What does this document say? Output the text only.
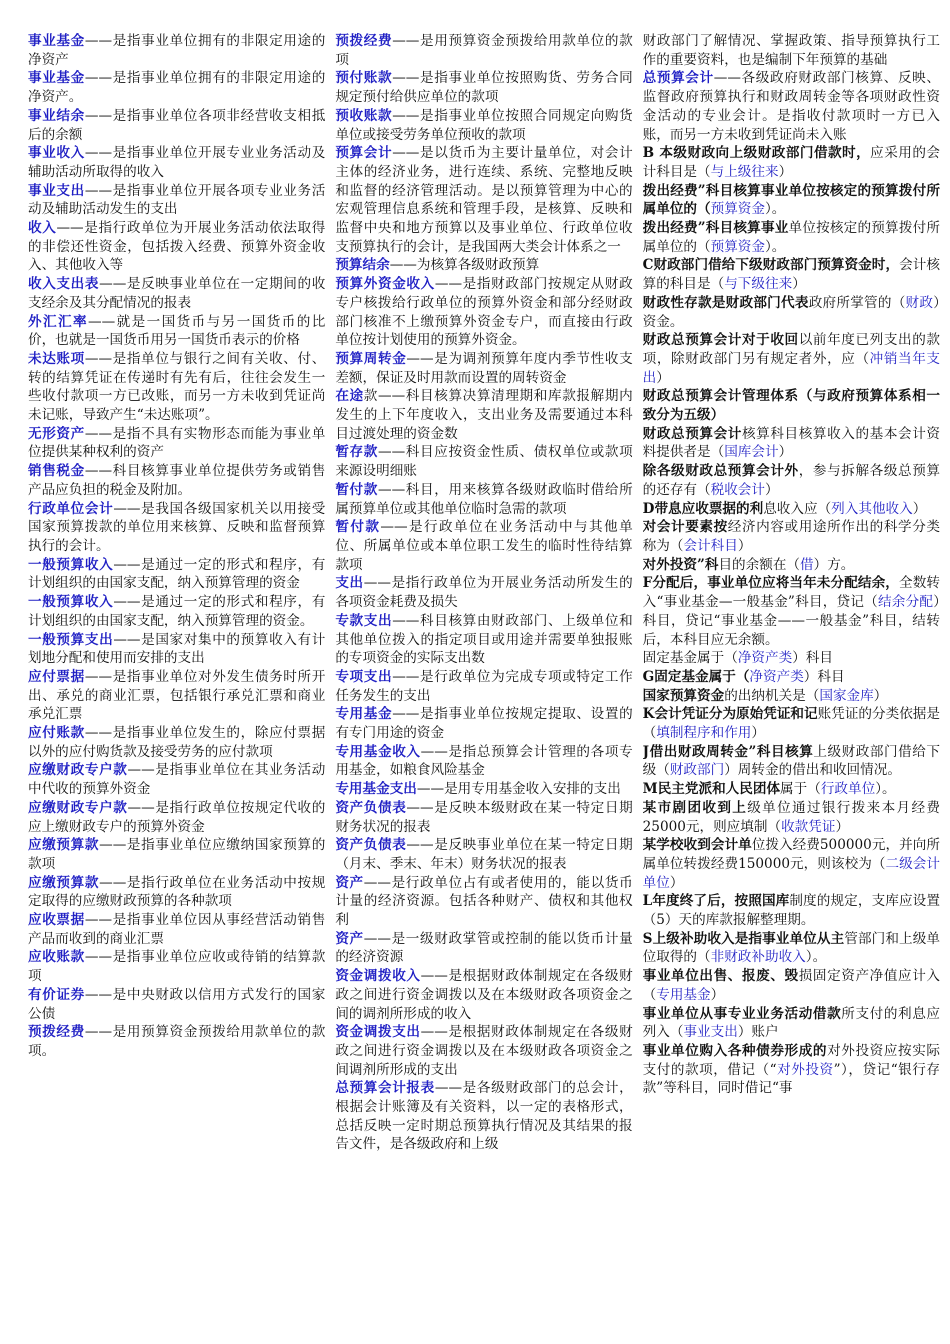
事业基金——是指事业单位拥有的非限定用途的净资产

事业基金——是指事业单位拥有的非限定用途的净资产。

事业结余——是指事业单位各项非经营收支相抵后的余额

事业收入——是指事业单位开展专业业务活动及辅助活动所取得的收入

事业支出——是指事业单位开展各项专业业务活动及辅助活动发生的支出

收入——是指行政单位为开展业务活动依法取得的非偿还性资金，包括拨入经费、预算外资金收入、其他收入等

收入支出表——是反映事业单位在一定期间的收支经余及其分配情况的报表

外汇汇率——就是一国货币与另一国货币的比价，也就是一国货币用另一国货币表示的价格

未达账项——是指单位与银行之间有关收、付、转的结算凭证在传递时有先有后，往往会发生一些收付款项一方已改账，而另一方未收到凭证尚未记账，导致产生“未达账项”。

无形资产——是指不具有实物形态而能为事业单位提供某种权利的资产

销售税金——科目核算事业单位提供劳务或销售产品应负担的税金及附加。

行政单位会计——是我国各级国家机关以用接受国家预算拨款的单位用来核算、反映和监督预算执行的会计。

一般预算收入——是通过一定的形式和程序，有计划组织的由国家支配，纳入预算管理的资金

一般预算收入——是通过一定的形式和程序，有计划组织的由国家支配，纳入预算管理的资金。

一般预算支出——是国家对集中的预算收入有计划地分配和使用而安排的支出

应付票据——是指事业单位对外发生债务时所开出、承兑的商业汇票，包括银行承兑汇票和商业承兑汇票

应付账款——是指事业单位发生的，除应付票据以外的应付购货款及接受劳务的应付款项

应缴财政专户款——是指事业单位在其业务活动中代收的预算外资金

应缴财政专户款——是指行政单位按规定代收的应上缴财政专户的预算外资金

应缴预算款——是指事业单位应缴纳国家预算的款项

应缴预算款——是指行政单位在业务活动中按规定取得的应缴财政预算的各种款项

应收票据——是指事业单位因从事经营活动销售产品而收到的商业汇票

应收账款——是指事业单位应收或待销的结算款项

有价证券——是中央财政以信用方式发行的国家公债

预拨经费——是用预算资金预拨给用款单位的款项。

预拨经费——是用预算资金预拨给用款单位的款项

预付账款——是指事业单位按照购货、劳务合同规定预付给供应单位的款项

预收账款——是指事业单位按照合同规定向购货单位或接受劳务单位预收的款项

预算会计——是以货币为主要计量单位，对会计主体的经济业务，进行连续、系统、完整地反映和监督的经济管理活动。是以预算管理为中心的宏观管理信息系统和管理手段，是核算、反映和监督中央和地方预算以及事业单位、行政单位收支预算执行的会计，是我国两大类会计体系之一

预算结余——为核算各级财政预算

预算外资金收入——是指财政部门按规定从财政专户核拨给行政单位的预算外资金和部分经财政部门核准不上缴预算外资金专户，而直接由行政单位按计划使用的预算外资金。

预算周转金——是为调剂预算年度内季节性收支差额，保证及时用款而设置的周转资金

在途款——科目核算决算清理期和库款报解期内发生的上下年度收入，支出业务及需要通过本科目过渡处理的资金数

暂存款——科目应按资金性质、债权单位或款项来源设明细账

暂付款——科目，用来核算各级财政临时借给所属预算单位或其他单位临时急需的款项

暂付款——是行政单位在业务活动中与其他单位、所属单位或本单位职工发生的临时性待结算款项

支出——是指行政单位为开展业务活动所发生的各项资金耗费及损失

专款支出——科目核算由财政部门、上级单位和其他单位拨入的指定项目或用途并需要单独报账的专项资金的实际支出数

专项支出——是行政单位为完成专项或特定工作任务发生的支出

专用基金——是指事业单位按规定提取、设置的有专门用途的资金

专用基金收入——是指总预算会计管理的各项专用基金，如粮食风险基金

专用基金支出——是用专用基金收入安排的支出

资产负债表——是反映本级财政在某一特定日期财务状况的报表

资产负债表——是反映事业单位在某一特定日期（月末、季末、年末）财务状况的报表

资产——是行政单位占有或者使用的，能以货币计量的经济资源。包括各种财产、债权和其他权利

资产——是一级财政掌管或控制的能以货币计量的经济资源

资金调拨收入——是根据财政体制规定在各级财政之间进行资金调拨以及在本级财政各项资金之间的调剂所形成的收入

资金调拨支出——是根据财政体制规定在各级财政之间进行资金调拨以及在本级财政各项资金之间调剂所形成的支出

总预算会计报表——是各级财政部门的总会计，根据会计账簿及有关资料，以一定的表格形式，总括反映一定时期总预算执行情况及其结果的报告文件，是各级政府和上级

财政部门了解情况、掌握政策、指导预算执行工作的重要资料，也是编制下年预算的基础

总预算会计——各级政府财政部门核算、反映、监督政府预算执行和财政周转金等各项财政性资金活动的专业会计。是指收付款项时一方已入账，而另一方未收到凭证尚未入账

B 本级财政向上级财政部门借款时，应采用的会计科目是（与上级往来）

拨出经费”科目核算事业单位按核定的预算拨付所属单位的（预算资金）。

拨出经费”科目核算事业单位按核定的预算拨付所属单位的（预算资金）。

C财政部门借给下级财政部门预算资金时，会计核算的科目是（与下级往来）

财政性存款是财政部门代表政府所掌管的（财政）资金。

财政总预算会计对于收回以前年度已列支出的款项，除财政部门另有规定者外，应（冲销当年支出）

财政总预算会计管理体系（与政府预算体系相一致分为五级）

财政总预算会计核算科目核算收入的基本会计资料提供者是（国库会计）

除各级财政总预算会计外，参与拆解各级总预算的还存有（税收会计）

D带息应收票据的利息收入应（列入其他收入）

对会计要素按经济内容或用途所作出的科学分类称为（会计科目）

对外投资”科目的余额在（借）方。

F分配后，事业单位应将当年未分配结余，全数转入“事业基金—一般基金”科目，贷记（结余分配）科目，贷记“事业基金——一般基金”科目，结转后，本科目应无余额。

固定基金属于（净资产类）科目

G固定基金属于（净资产类）科目

国家预算资金的出纳机关是（国家金库）

K会计凭证分为原始凭证和记账凭证的分类依据是（填制程序和作用）

J借出财政周转金”科目核算上级财政部门借给下级（财政部门）周转金的借出和收回情况。

M民主党派和人民团体属于（行政单位）。

某市剧团收到上级单位通过银行拨来本月经费25000元，则应填制（收款凭证）

某学校收到会计单位拨入经费500000元，并向所属单位转拨经费150000元，则该校为（二级会计单位）

L年度终了后，按照国库制度的规定，支库应设置（5）天的库款报解整理期。

S上级补助收入是指事业单位从主管部门和上级单位取得的（非财政补助收入）。

事业单位出售、报废、毁损固定资产净值应计入（专用基金）

事业单位从事专业业务活动借款所支付的利息应列入（事业支出）账户

事业单位购入各种债券形成的对外投资应按实际支付的款项，借记（“对外投资”），贷记“银行存款”等科目，同时借记“事
